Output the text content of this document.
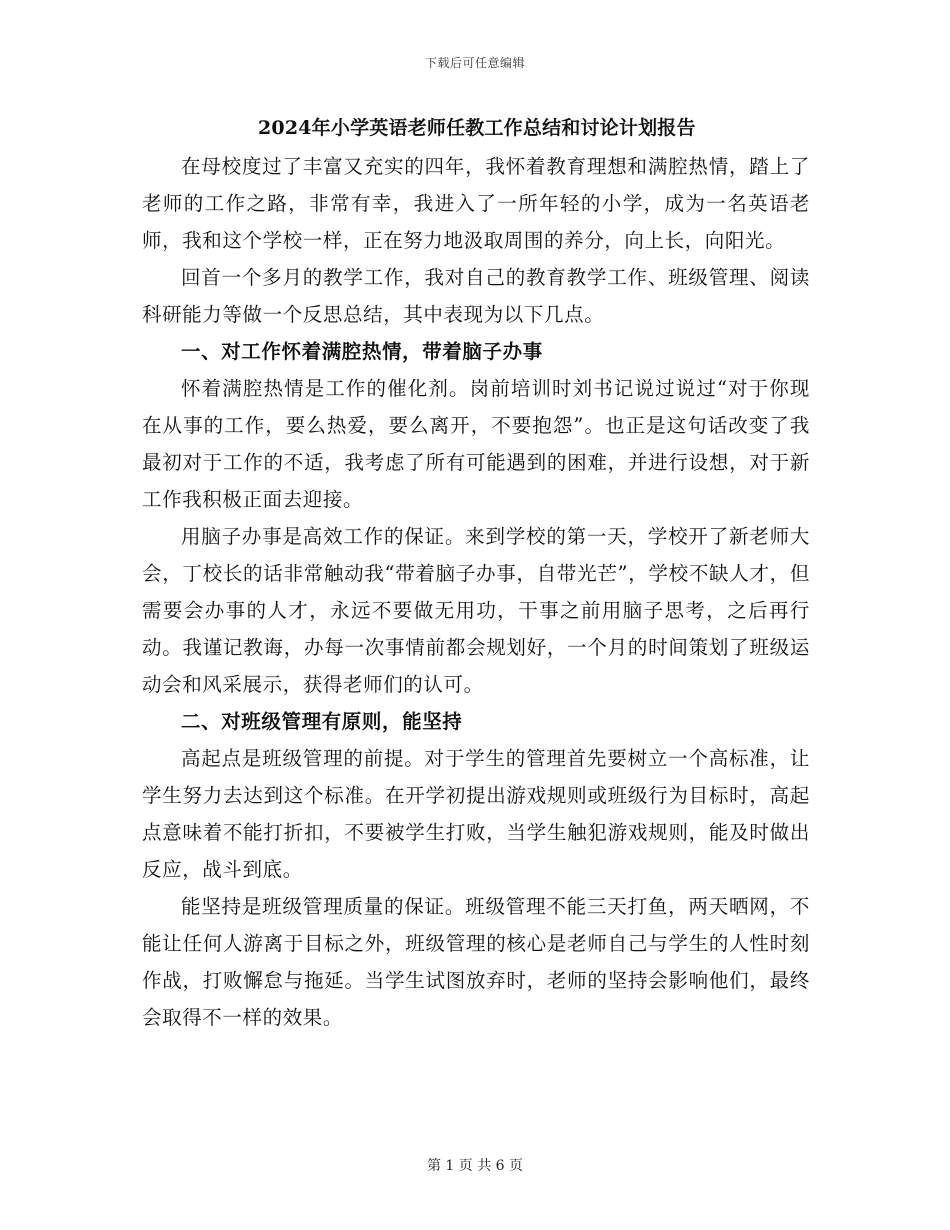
下载后可任意编辑
2024年小学英语老师任教工作总结和讨论计划报告

在母校度过了丰富又充实的四年，我怀着教育理想和满腔热情，踏上了老师的工作之路，非常有幸，我进入了一所年轻的小学，成为一名英语老师，我和这个学校一样，正在努力地汲取周围的养分，向上长，向阳光。

回首一个多月的教学工作，我对自己的教育教学工作、班级管理、阅读科研能力等做一个反思总结，其中表现为以下几点。

一、对工作怀着满腔热情，带着脑子办事

怀着满腔热情是工作的催化剂。岗前培训时刘书记说过说过“对于你现在从事的工作，要么热爱，要么离开，不要抱怨”。也正是这句话改变了我最初对于工作的不适，我考虑了所有可能遇到的困难，并进行设想，对于新工作我积极正面去迎接。

用脑子办事是高效工作的保证。来到学校的第一天，学校开了新老师大会，丁校长的话非常触动我“带着脑子办事，自带光芒”，学校不缺人才，但需要会办事的人才，永远不要做无用功，干事之前用脑子思考，之后再行动。我谨记教诲，办每一次事情前都会规划好，一个月的时间策划了班级运动会和风采展示，获得老师们的认可。

二、对班级管理有原则，能坚持

高起点是班级管理的前提。对于学生的管理首先要树立一个高标准，让学生努力去达到这个标准。在开学初提出游戏规则或班级行为目标时，高起点意味着不能打折扣，不要被学生打败，当学生触犯游戏规则，能及时做出反应，战斗到底。

能坚持是班级管理质量的保证。班级管理不能三天打鱼，两天晒网，不能让任何人游离于目标之外，班级管理的核心是老师自己与学生的人性时刻作战，打败懈怠与拖延。当学生试图放弃时，老师的坚持会影响他们，最终会取得不一样的效果。

第 1 页 共 6 页
